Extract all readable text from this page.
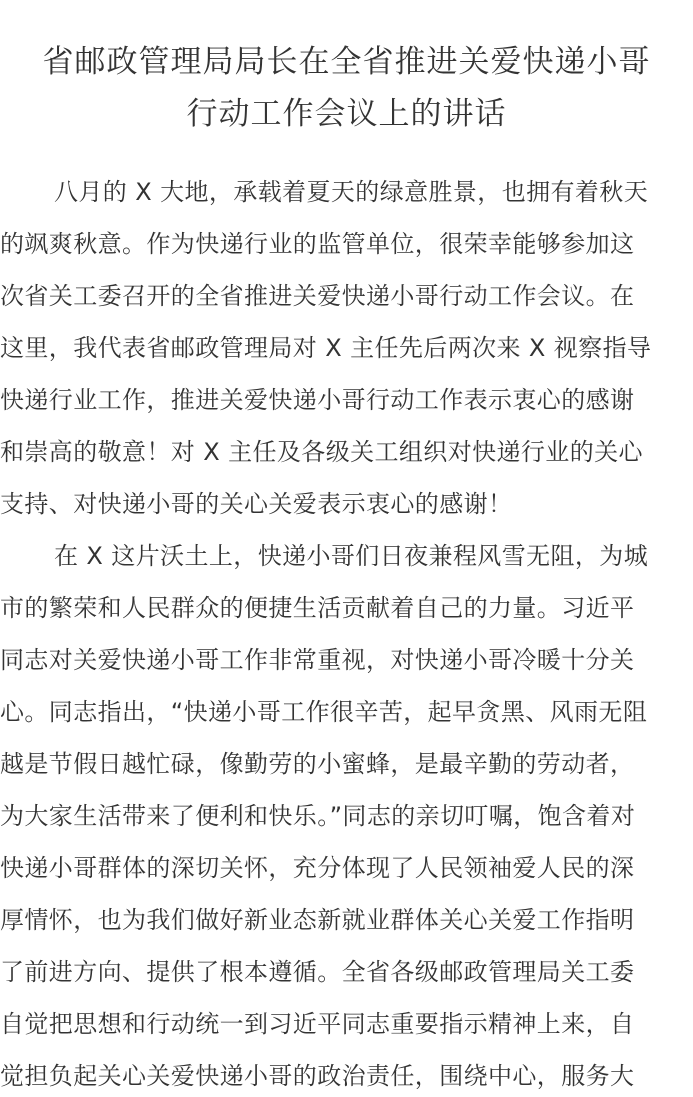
省邮政管理局局长在全省推进关爱快递小哥
行动工作会议上的讲话
八月的 X 大地，承载着夏天的绿意胜景，也拥有着秋天
的飒爽秋意。作为快递行业的监管单位，很荣幸能够参加这
次省关工委召开的全省推进关爱快递小哥行动工作会议。在
这里，我代表省邮政管理局对 X 主任先后两次来 X 视察指导
快递行业工作，推进关爱快递小哥行动工作表示衷心的感谢
和崇高的敬意！对 X 主任及各级关工组织对快递行业的关心
支持、对快递小哥的关心关爱表示衷心的感谢！
在 X 这片沃土上，快递小哥们日夜兼程风雪无阻，为城
市的繁荣和人民群众的便捷生活贡献着自己的力量。习近平
同志对关爱快递小哥工作非常重视，对快递小哥冷暖十分关
心。同志指出，“快递小哥工作很辛苦，起早贪黑、风雨无阻
越是节假日越忙碌，像勤劳的小蜜蜂，是最辛勤的劳动者，
为大家生活带来了便利和快乐。”同志的亲切叮嘱，饱含着对
快递小哥群体的深切关怀，充分体现了人民领袖爱人民的深
厚情怀，也为我们做好新业态新就业群体关心关爱工作指明
了前进方向、提供了根本遵循。全省各级邮政管理局关工委
自觉把思想和行动统一到习近平同志重要指示精神上来，自
觉担负起关心关爱快递小哥的政治责任，围绕中心，服务大
